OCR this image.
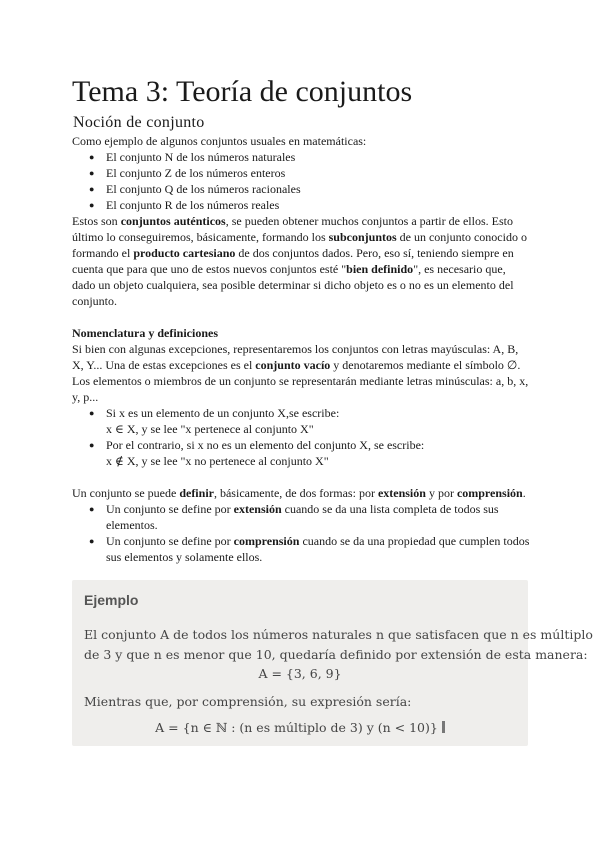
Tema 3: Teoría de conjuntos
Noción de conjunto

Como ejemplo de algunos conjuntos usuales en matemáticas:

● El conjunto N de los números naturales
● El conjunto Z de los números enteros
● El conjunto Q de los números racionales
● El conjunto R de los números reales

Estos son conjuntos auténticos, se pueden obtener muchos conjuntos a partir de ellos. Esto último lo conseguiremos, básicamente, formando los subconjuntos de un conjunto conocido o formando el producto cartesiano de dos conjuntos dados. Pero, eso sí, teniendo siempre en cuenta que para que uno de estos nuevos conjuntos esté "bien definido", es necesario que, dado un objeto cualquiera, sea posible determinar si dicho objeto es o no es un elemento del conjunto.

Nomenclatura y definiciones

Si bien con algunas excepciones, representaremos los conjuntos con letras mayúsculas: A, B, X, Y... Una de estas excepciones es el conjunto vacío y denotaremos mediante el símbolo ∅.

Los elementos o miembros de un conjunto se representarán mediante letras minúsculas: a, b, x, y, p...

● Si x es un elemento de un conjunto X,se escribe:
x ∈ X, y se lee "x pertenece al conjunto X"
● Por el contrario, si x no es un elemento del conjunto X, se escribe:
x ∉ X, y se lee "x no pertenece al conjunto X"

Un conjunto se puede definir, básicamente, de dos formas: por extensión y por comprensión.

● Un conjunto se define por extensión cuando se da una lista completa de todos sus elementos.
● Un conjunto se define por comprensión cuando se da una propiedad que cumplen todos sus elementos y solamente ellos.
Ejemplo
El conjunto A de todos los números naturales n que satisfacen que n es múltiplo
de 3 y que n es menor que 10, quedaría definido por extensión de esta manera:
A = {3, 6, 9}
Mientras que, por comprensión, su expresión sería:
A = {n ∈ ℕ : (n es múltiplo de 3) y (n < 10)}
